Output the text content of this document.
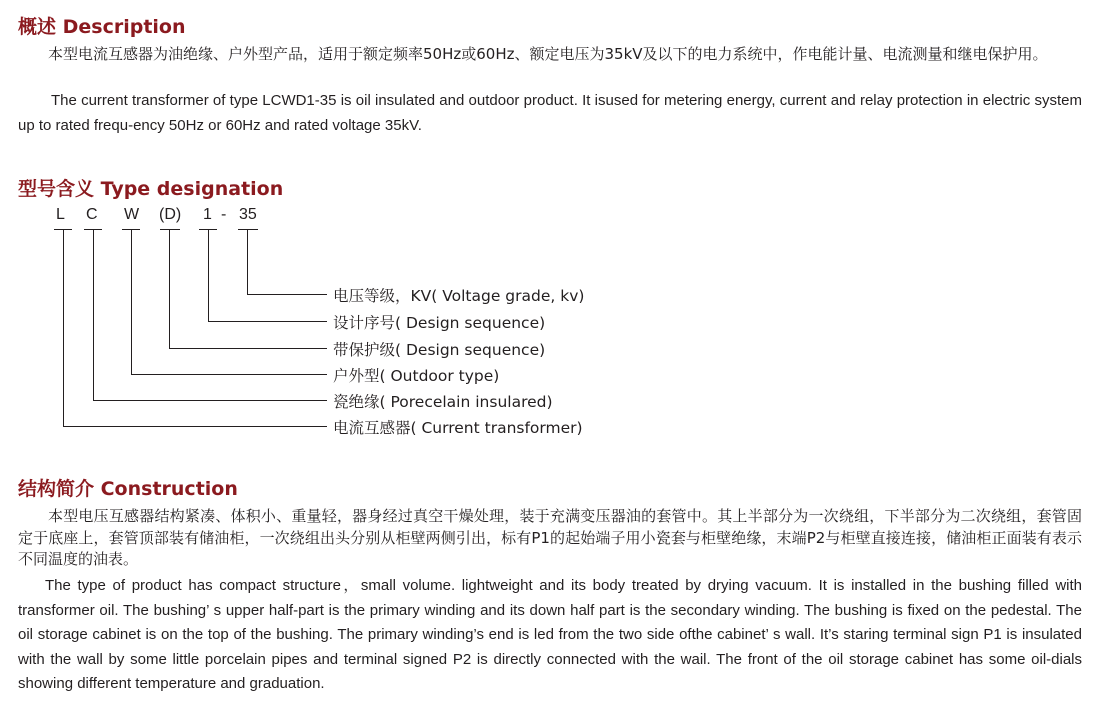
概述 Description

本型电流互感器为油绝缘、户外型产品，适用于额定频率50Hz或60Hz、额定电压为35kV及以下的电力系统中，作电能计量、电流测量和继电保护用。

The current transformer of type LCWD1-35 is oil insulated and outdoor product. It isused for metering energy, current and relay protection in electric system up to rated frequ-ency 50Hz or 60Hz and rated voltage 35kV.

型号含义 Type designation
L C W (D) 1 - 35
电压等级，KV( Voltage grade, kv)
设计序号( Design sequence)
带保护级( Design sequence)
户外型( Outdoor type)
瓷绝缘( Porecelain insulared)
电流互感器( Current transformer)
结构简介 Construction

本型电压互感器结构紧凑、体积小、重量轻，器身经过真空干燥处理，装于充满变压器油的套管中。其上半部分为一次绕组，下半部分为二次绕组，套管固定于底座上，套管顶部装有储油柜，一次绕组出头分别从柜壁两侧引出，标有P1的起始端子用小瓷套与柜壁绝缘，末端P2与柜壁直接连接，储油柜正面装有表示不同温度的油表。

The type of product has compact structure，small volume. lightweight and its body treated by drying vacuum. It is installed in the bushing filled with transformer oil. The bushing’ s upper half-part is the primary winding and its down half part is the secondary winding. The bushing is fixed on the pedestal. The oil storage cabinet is on the top of the bushing. The primary winding’s end is led from the two side ofthe cabinet’ s wall. It’s staring terminal sign P1 is insulated with the wall by some little porcelain pipes and terminal signed P2 is directly connected with the wail. The front of the oil storage cabinet has some oil-dials showing different temperature and graduation.
